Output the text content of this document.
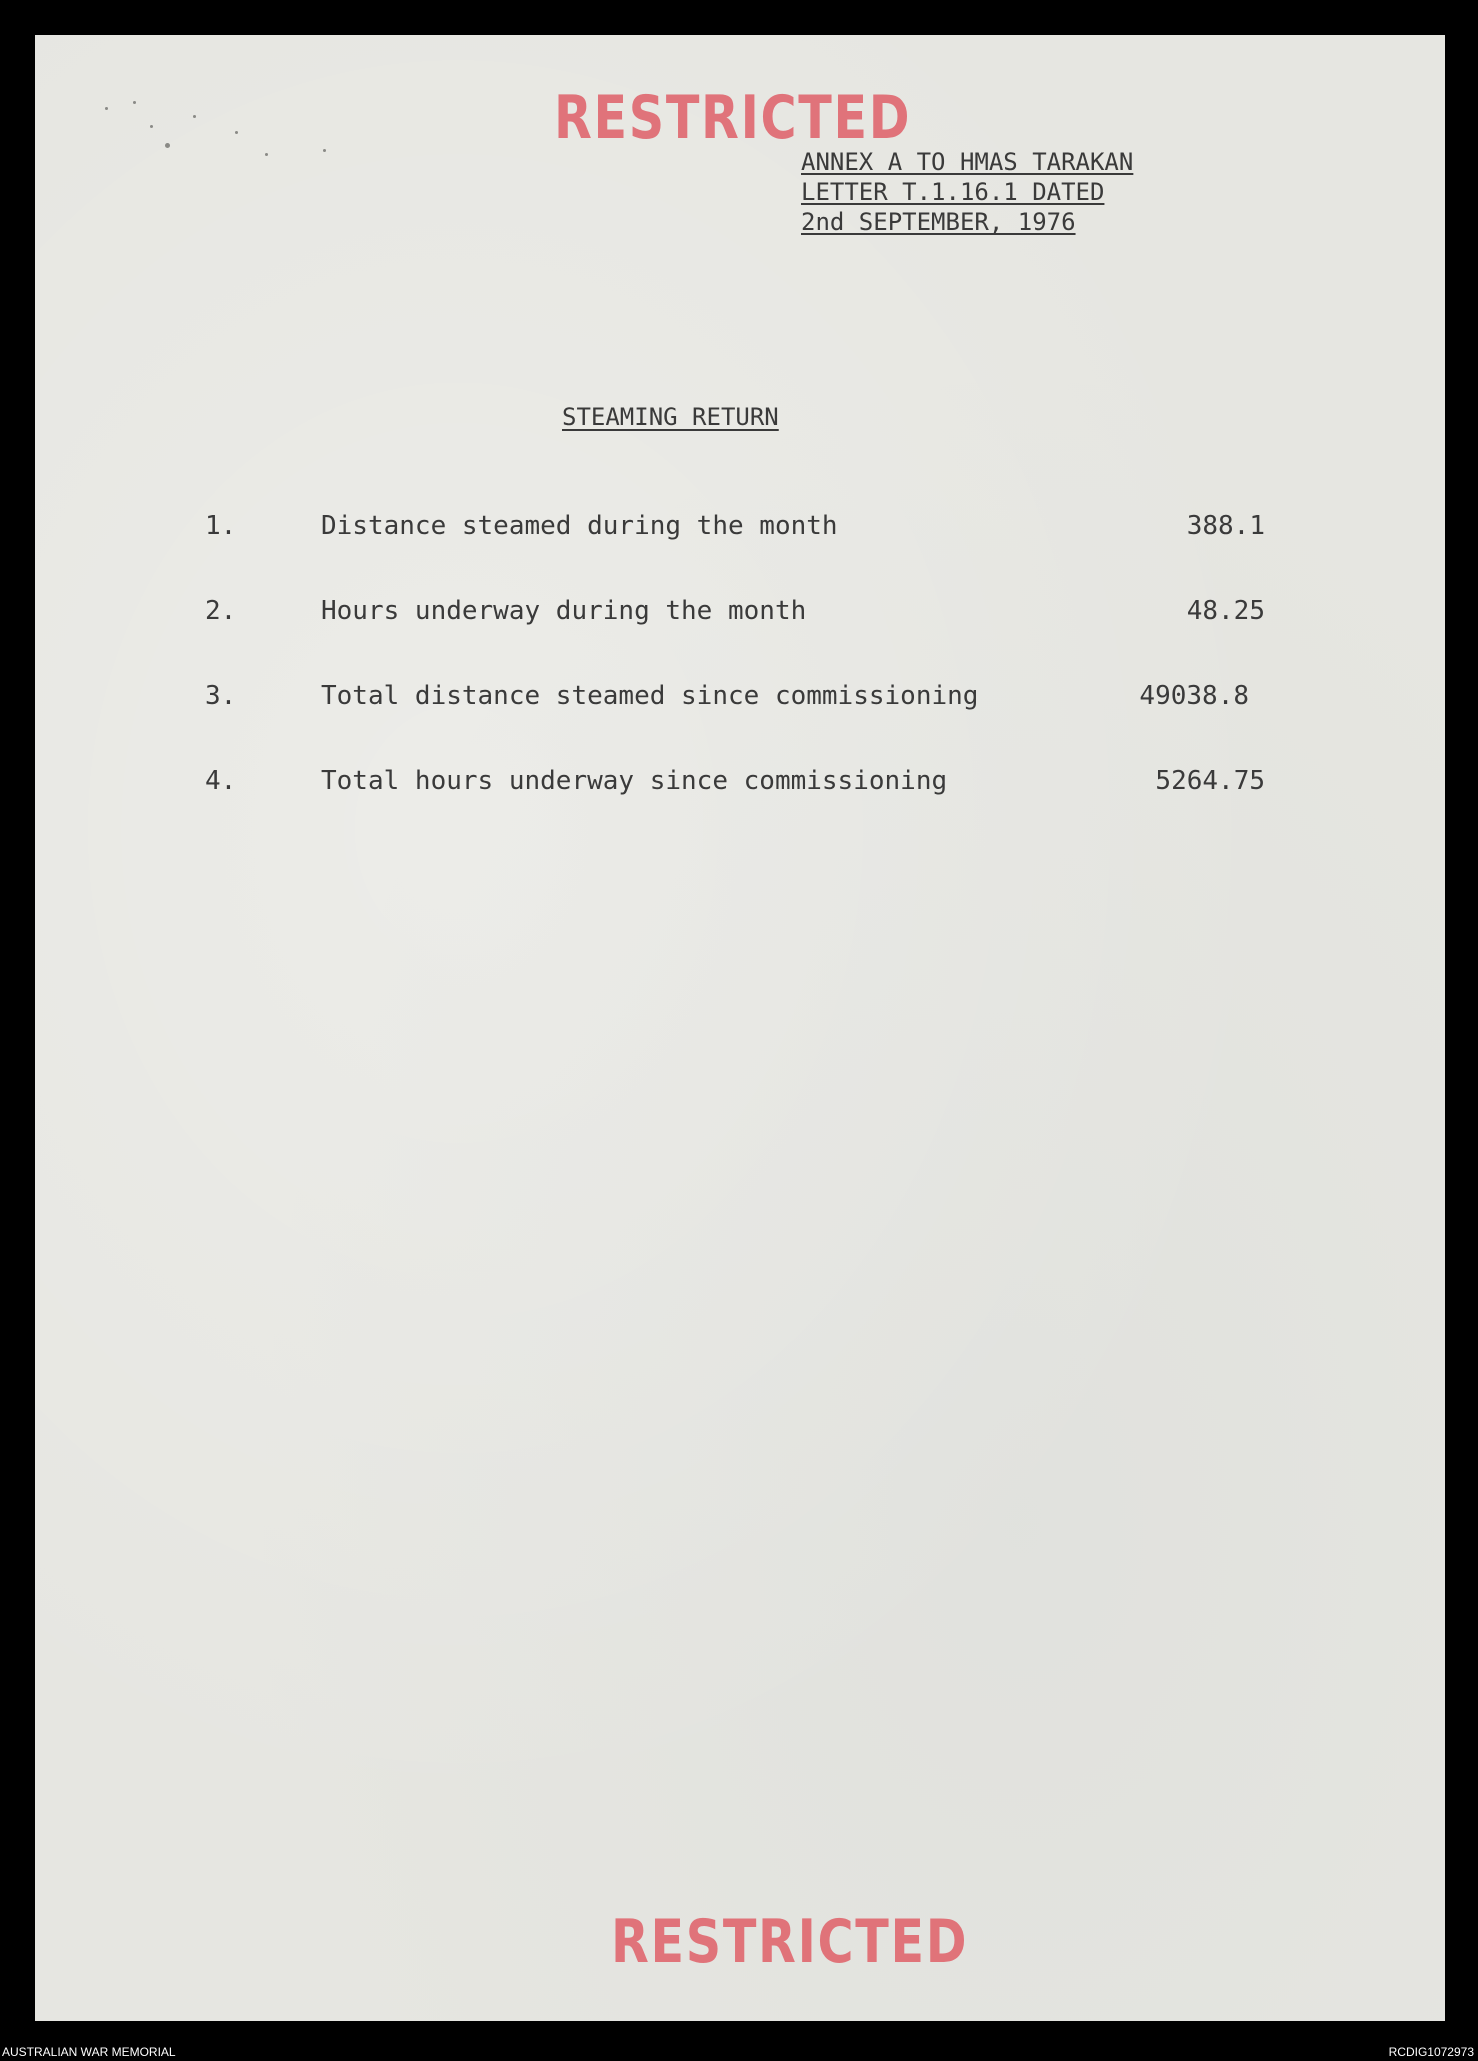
RESTRICTED
ANNEX A TO HMAS TARAKAN
LETTER T.1.16.1 DATED
2nd SEPTEMBER, 1976
STEAMING RETURN
1.	Distance steamed during the month	388.1
2.	Hours underway during the month	48.25
3.	Total distance steamed since commissioning	49038.8
4.	Total hours underway since commissioning	5264.75
RESTRICTED
AUSTRALIAN WAR MEMORIAL	RCDIG1072973
